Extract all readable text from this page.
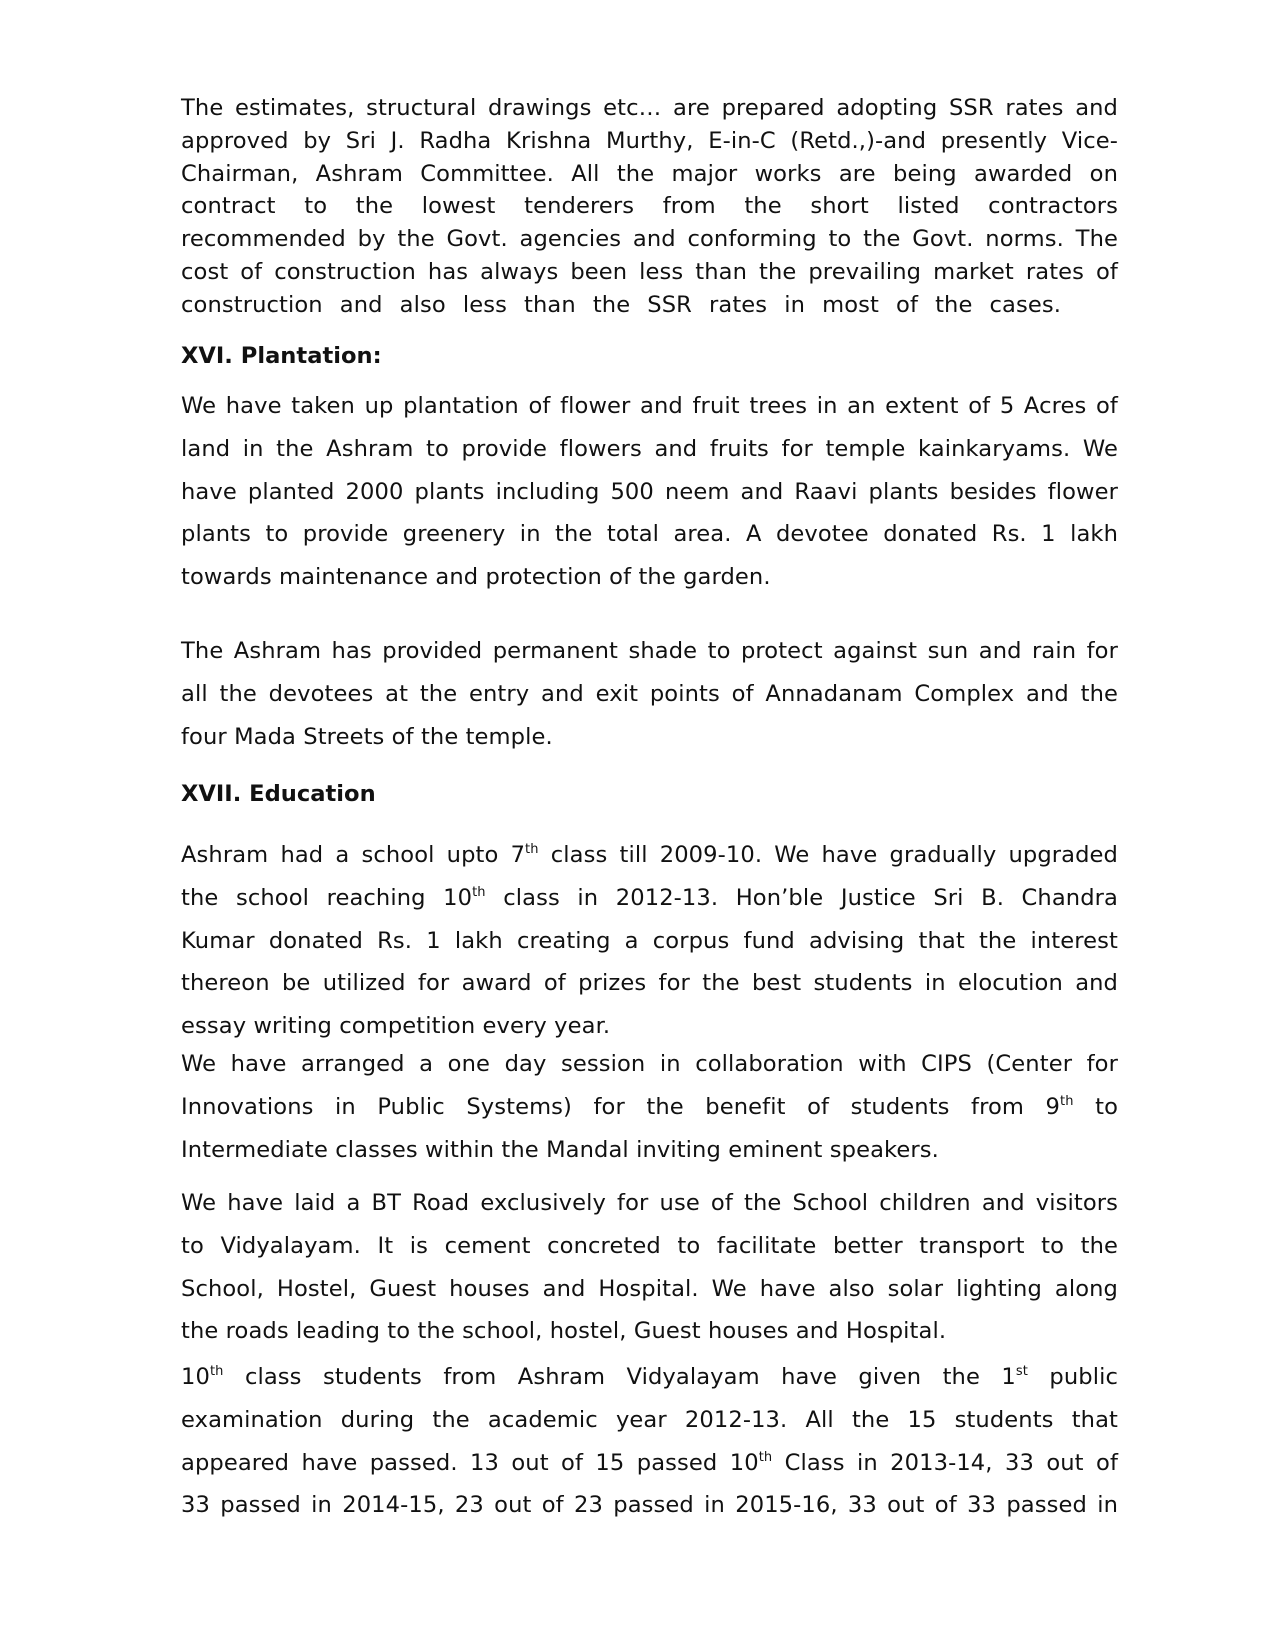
The estimates, structural drawings etc… are prepared adopting SSR rates and
approved by Sri J. Radha Krishna Murthy, E-in-C (Retd.,)-and presently Vice-
Chairman, Ashram Committee. All the major works are being awarded on
contract to the lowest tenderers from the short listed contractors
recommended by the Govt. agencies and conforming to the Govt. norms. The
cost of construction has always been less than the prevailing market rates of
construction and also less than the SSR rates in most of the cases.
XVI. Plantation:
We have taken up plantation of flower and fruit trees in an extent of 5 Acres of
land in the Ashram to provide flowers and fruits for temple kainkaryams. We
have planted 2000 plants including 500 neem and Raavi plants besides flower
plants to provide greenery in the total area. A devotee donated Rs. 1 lakh
towards maintenance and protection of the garden.
The Ashram has provided permanent shade to protect against sun and rain for
all the devotees at the entry and exit points of Annadanam Complex and the
four Mada Streets of the temple.
XVII. Education
Ashram had a school upto 7th class till 2009-10. We have gradually upgraded
the school reaching 10th class in 2012-13. Hon’ble Justice Sri B. Chandra
Kumar donated Rs. 1 lakh creating a corpus fund advising that the interest
thereon be utilized for award of prizes for the best students in elocution and
essay writing competition every year.
We have arranged a one day session in collaboration with CIPS (Center for
Innovations in Public Systems) for the benefit of students from 9th to
Intermediate classes within the Mandal inviting eminent speakers.
We have laid a BT Road exclusively for use of the School children and visitors
to Vidyalayam. It is cement concreted to facilitate better transport to the
School, Hostel, Guest houses and Hospital. We have also solar lighting along
the roads leading to the school, hostel, Guest houses and Hospital.
10th class students from Ashram Vidyalayam have given the 1st public
examination during the academic year 2012-13. All the 15 students that
appeared have passed. 13 out of 15 passed 10th Class in 2013-14, 33 out of
33 passed in 2014-15, 23 out of 23 passed in 2015-16, 33 out of 33 passed in
